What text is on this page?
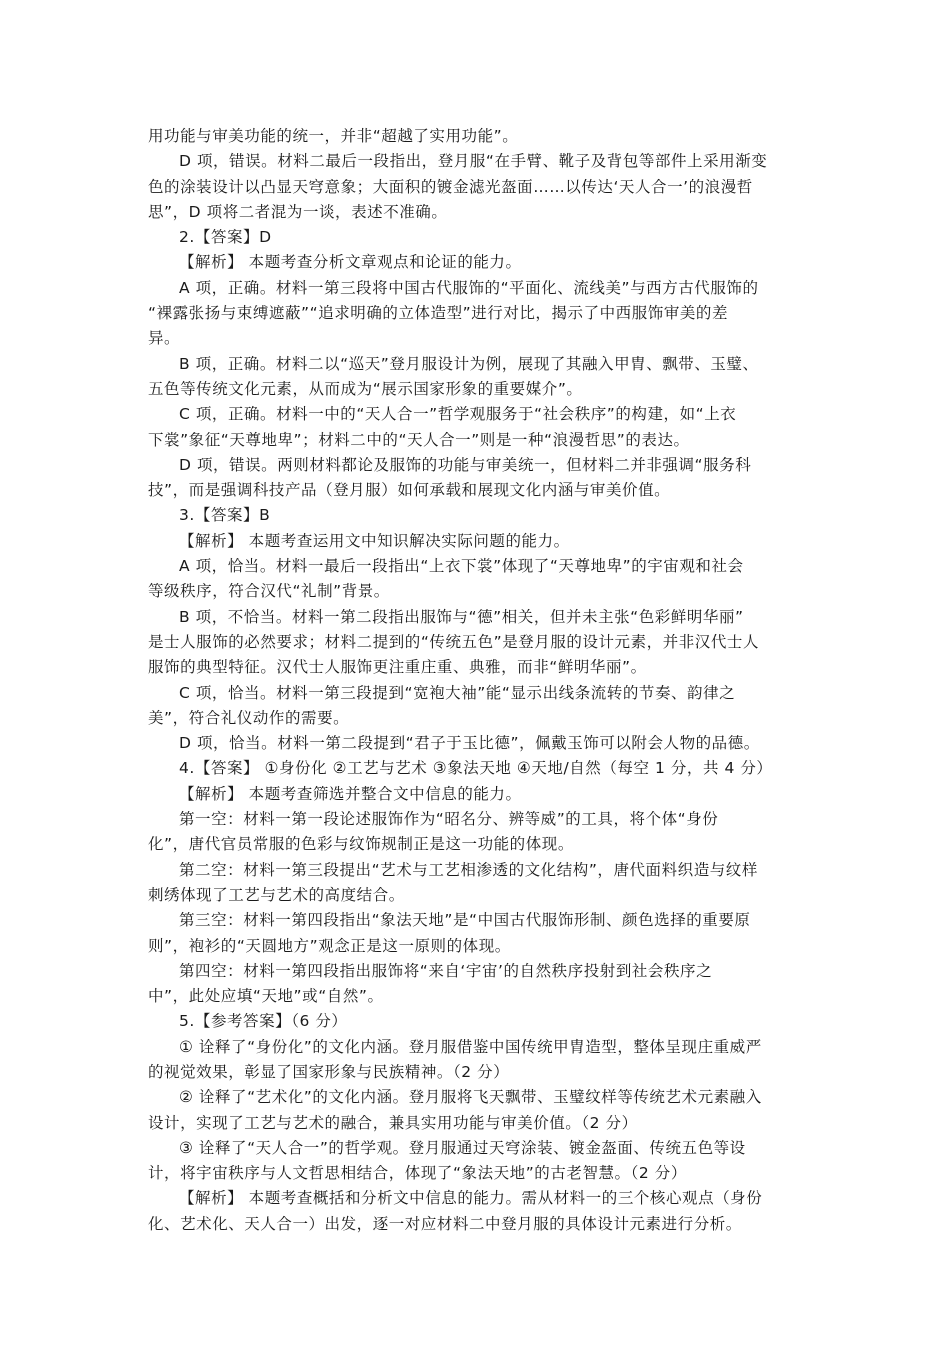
用功能与审美功能的统一，并非“超越了实用功能”。

D 项，错误。材料二最后一段指出，登月服“在手臂、靴子及背包等部件上采用渐变

色的涂装设计以凸显天穹意象；大面积的镀金滤光盔面……以传达‘天人合一’的浪漫哲

思”，D 项将二者混为一谈，表述不准确。

2.【答案】D

【解析】 本题考查分析文章观点和论证的能力。

A 项，正确。材料一第三段将中国古代服饰的“平面化、流线美”与西方古代服饰的

“裸露张扬与束缚遮蔽”“追求明确的立体造型”进行对比，揭示了中西服饰审美的差

异。

B 项，正确。材料二以“巡天”登月服设计为例，展现了其融入甲胄、飘带、玉璧、

五色等传统文化元素，从而成为“展示国家形象的重要媒介”。

C 项，正确。材料一中的“天人合一”哲学观服务于“社会秩序”的构建，如“上衣

下裳”象征“天尊地卑”；材料二中的“天人合一”则是一种“浪漫哲思”的表达。

D 项，错误。两则材料都论及服饰的功能与审美统一，但材料二并非强调“服务科

技”，而是强调科技产品（登月服）如何承载和展现文化内涵与审美价值。

3.【答案】B

【解析】 本题考查运用文中知识解决实际问题的能力。

A 项，恰当。材料一最后一段指出“上衣下裳”体现了“天尊地卑”的宇宙观和社会

等级秩序，符合汉代“礼制”背景。

B 项，不恰当。材料一第二段指出服饰与“德”相关，但并未主张“色彩鲜明华丽”

是士人服饰的必然要求；材料二提到的“传统五色”是登月服的设计元素，并非汉代士人

服饰的典型特征。汉代士人服饰更注重庄重、典雅，而非“鲜明华丽”。

C 项，恰当。材料一第三段提到“宽袍大袖”能“显示出线条流转的节奏、韵律之

美”，符合礼仪动作的需要。

D 项，恰当。材料一第二段提到“君子于玉比德”，佩戴玉饰可以附会人物的品德。

4.【答案】 ①身份化 ②工艺与艺术 ③象法天地 ④天地/自然（每空 1 分，共 4 分）

【解析】 本题考查筛选并整合文中信息的能力。

第一空：材料一第一段论述服饰作为“昭名分、辨等威”的工具，将个体“身份

化”，唐代官员常服的色彩与纹饰规制正是这一功能的体现。

第二空：材料一第三段提出“艺术与工艺相渗透的文化结构”，唐代面料织造与纹样

刺绣体现了工艺与艺术的高度结合。

第三空：材料一第四段指出“象法天地”是“中国古代服饰形制、颜色选择的重要原

则”，袍衫的“天圆地方”观念正是这一原则的体现。

第四空：材料一第四段指出服饰将“来自‘宇宙’的自然秩序投射到社会秩序之

中”，此处应填“天地”或“自然”。

5.【参考答案】（6 分）

① 诠释了“身份化”的文化内涵。登月服借鉴中国传统甲胄造型，整体呈现庄重威严

的视觉效果，彰显了国家形象与民族精神。（2 分）

② 诠释了“艺术化”的文化内涵。登月服将飞天飘带、玉璧纹样等传统艺术元素融入

设计，实现了工艺与艺术的融合，兼具实用功能与审美价值。（2 分）

③ 诠释了“天人合一”的哲学观。登月服通过天穹涂装、镀金盔面、传统五色等设

计，将宇宙秩序与人文哲思相结合，体现了“象法天地”的古老智慧。（2 分）

【解析】 本题考查概括和分析文中信息的能力。需从材料一的三个核心观点（身份

化、艺术化、天人合一）出发，逐一对应材料二中登月服的具体设计元素进行分析。
